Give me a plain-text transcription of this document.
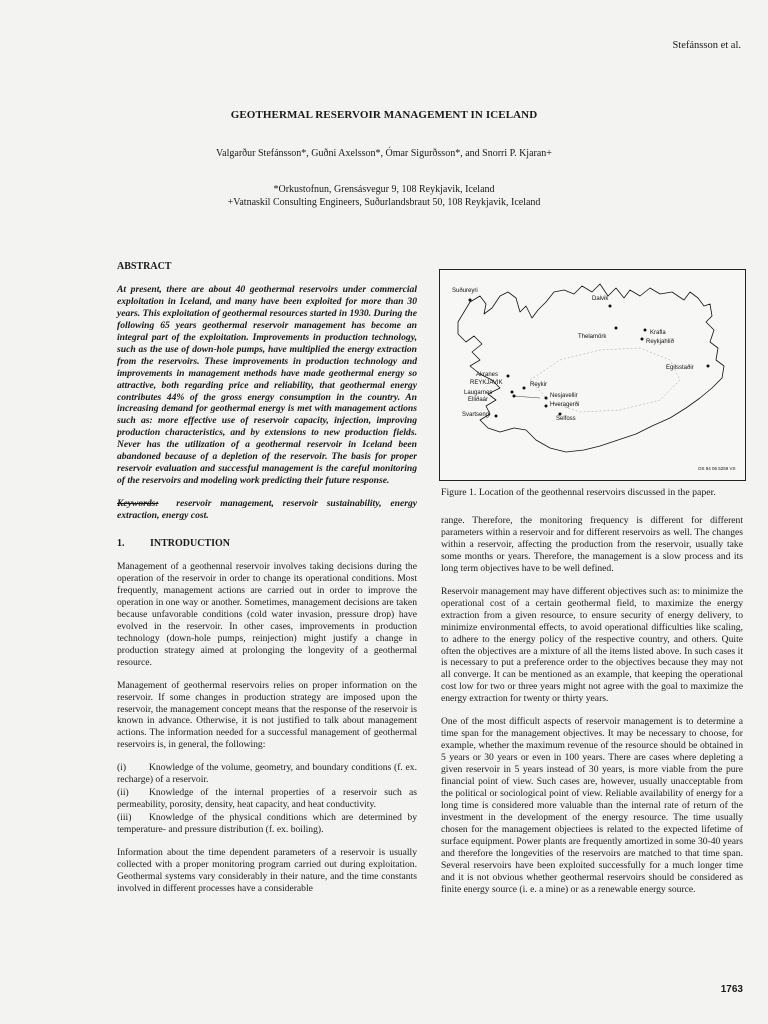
Stefánsson et al.
GEOTHERMAL RESERVOIR MANAGEMENT IN ICELAND
Valgarður Stefánsson*, Guðni Axelsson*, Ómar Sigurðsson*, and Snorri P. Kjaran+
*Orkustofnun, Grensásvegur 9, 108 Reykjavik, Iceland
+Vatnaskil Consulting Engineers, Suðurlandsbraut 50, 108 Reykjavik, Iceland

ABSTRACT

At present, there are about 40 geothermal reservoirs under commercial exploitation in Iceland, and many have been exploited for more than 30 years. This exploitation of geothermal resources started in 1930. During the following 65 years geothermal reservoir management has become an integral part of the exploitation. Improvements in production technology, such as the use of down-hole pumps, have multiplied the energy extraction from the reservoirs. These improvements in production technology and improvements in management methods have made geothermal energy so attractive, both regarding price and reliability, that geothermal energy contributes 44% of the gross energy consumption in the country. An increasing demand for geothermal energy is met with management actions such as: more effective use of reservoir capacity, injection, improving production characteristics, and by extensions to new production fields. Never has the utilization of a geothermal reservoir in Iceland been abandoned because of a depletion of the reservoir. The basis for proper reservoir evaluation and successful management is the careful monitoring of the reservoirs and modeling work predicting their future response.

Keywords: reservoir management, reservoir sustainability, energy extraction, energy cost.

1.	INTRODUCTION

Management of a geothennal reservoir involves taking decisions during the operation of the reservoir in order to change its operational conditions. Most frequently, management actions are carried out in order to improve the operation in one way or another. Sometimes, management decisions are taken because unfavorable conditions (cold water invasion, pressure drop) have evolved in the reservoir. In other cases, improvements in production technology (down-hole pumps, reinjection) might justify a change in production strategy aimed at prolonging the longevity of a geothermal resource.

Management of geothermal reservoirs relies on proper information on the reservoir. If some changes in production strategy are imposed upon the reservoir, the management concept means that the response of the reservoir is known in advance. Otherwise, it is not justified to talk about management actions. The information needed for a successful management of geothermal reservoirs is, in general, the following:

(i) Knowledge of the volume, geometry, and boundary conditions (f. ex. recharge) of a reservoir.

(ii) Knowledge of the internal properties of a reservoir such as permeability, porosity, density, heat capacity, and heat conductivity.

(iii) Knowledge of the physical conditions which are determined by temperature- and pressure distribution (f. ex. boiling).

Information about the time dependent parameters of a reservoir is usually collected with a proper monitoring program carried out during exploitation. Geothermal systems vary considerably in their nature, and the time constants involved in different processes have a considerable

Suðureyri
Dalvik
Thelamörk
Krafla
Reykjahlíð
Egilsstaðir
Akranes
REYKJAVIK	Reykir
Laugarnes
Elliðaár
Nesjavellir
Hveragerði
Selfoss
Svartsengi
OS 94 06 5259 VS
Figure 1. Location of the geothennal reservoirs discussed in the paper.

range. Therefore, the monitoring frequency is different for different parameters within a reservoir and for different reservoirs as well. The changes within a reservoir, affecting the production from the reservoir, usually take some months or years. Therefore, the management is a slow process and its long term objectives have to be well defined.

Reservoir management may have different objectives such as: to minimize the operational cost of a certain geothermal field, to maximize the energy extraction from a given resource, to ensure security of energy delivery, to minimize environmental effects, to avoid operational difficulties like scaling, to adhere to the energy policy of the respective country, and others. Quite often the objectives are a mixture of all the items listed above. In such cases it is necessary to put a preference order to the objectives because they may not all converge. It can be mentioned as an example, that keeping the operational cost low for two or three years might not agree with the goal to maximize the energy extraction for twenty or thirty years.

One of the most difficult aspects of reservoir management is to determine a time span for the management objectives. It may be necessary to choose, for example, whether the maximum revenue of the resource should be obtained in 5 years or 30 years or even in 100 years. There are cases where depleting a given reservoir in 5 years instead of 30 years, is more viable from the pure financial point of view. Such cases are, however, usually unacceptable from the political or sociological point of view. Reliable availability of energy for a long time is considered more valuable than the internal rate of return of the investment in the development of the energy resource. The time usually chosen for the management objectiees is related to the expected lifetime of surface equipment. Power plants are frequently amortized in some 30-40 years and therefore the longevities of the reservoirs are matched to that time span. Several reservoirs have been exploited successfully for a much longer time and it is not obvious whether geothermal reservoirs should be considered as finite energy source (i. e. a mine) or as a renewable energy source.

1763
